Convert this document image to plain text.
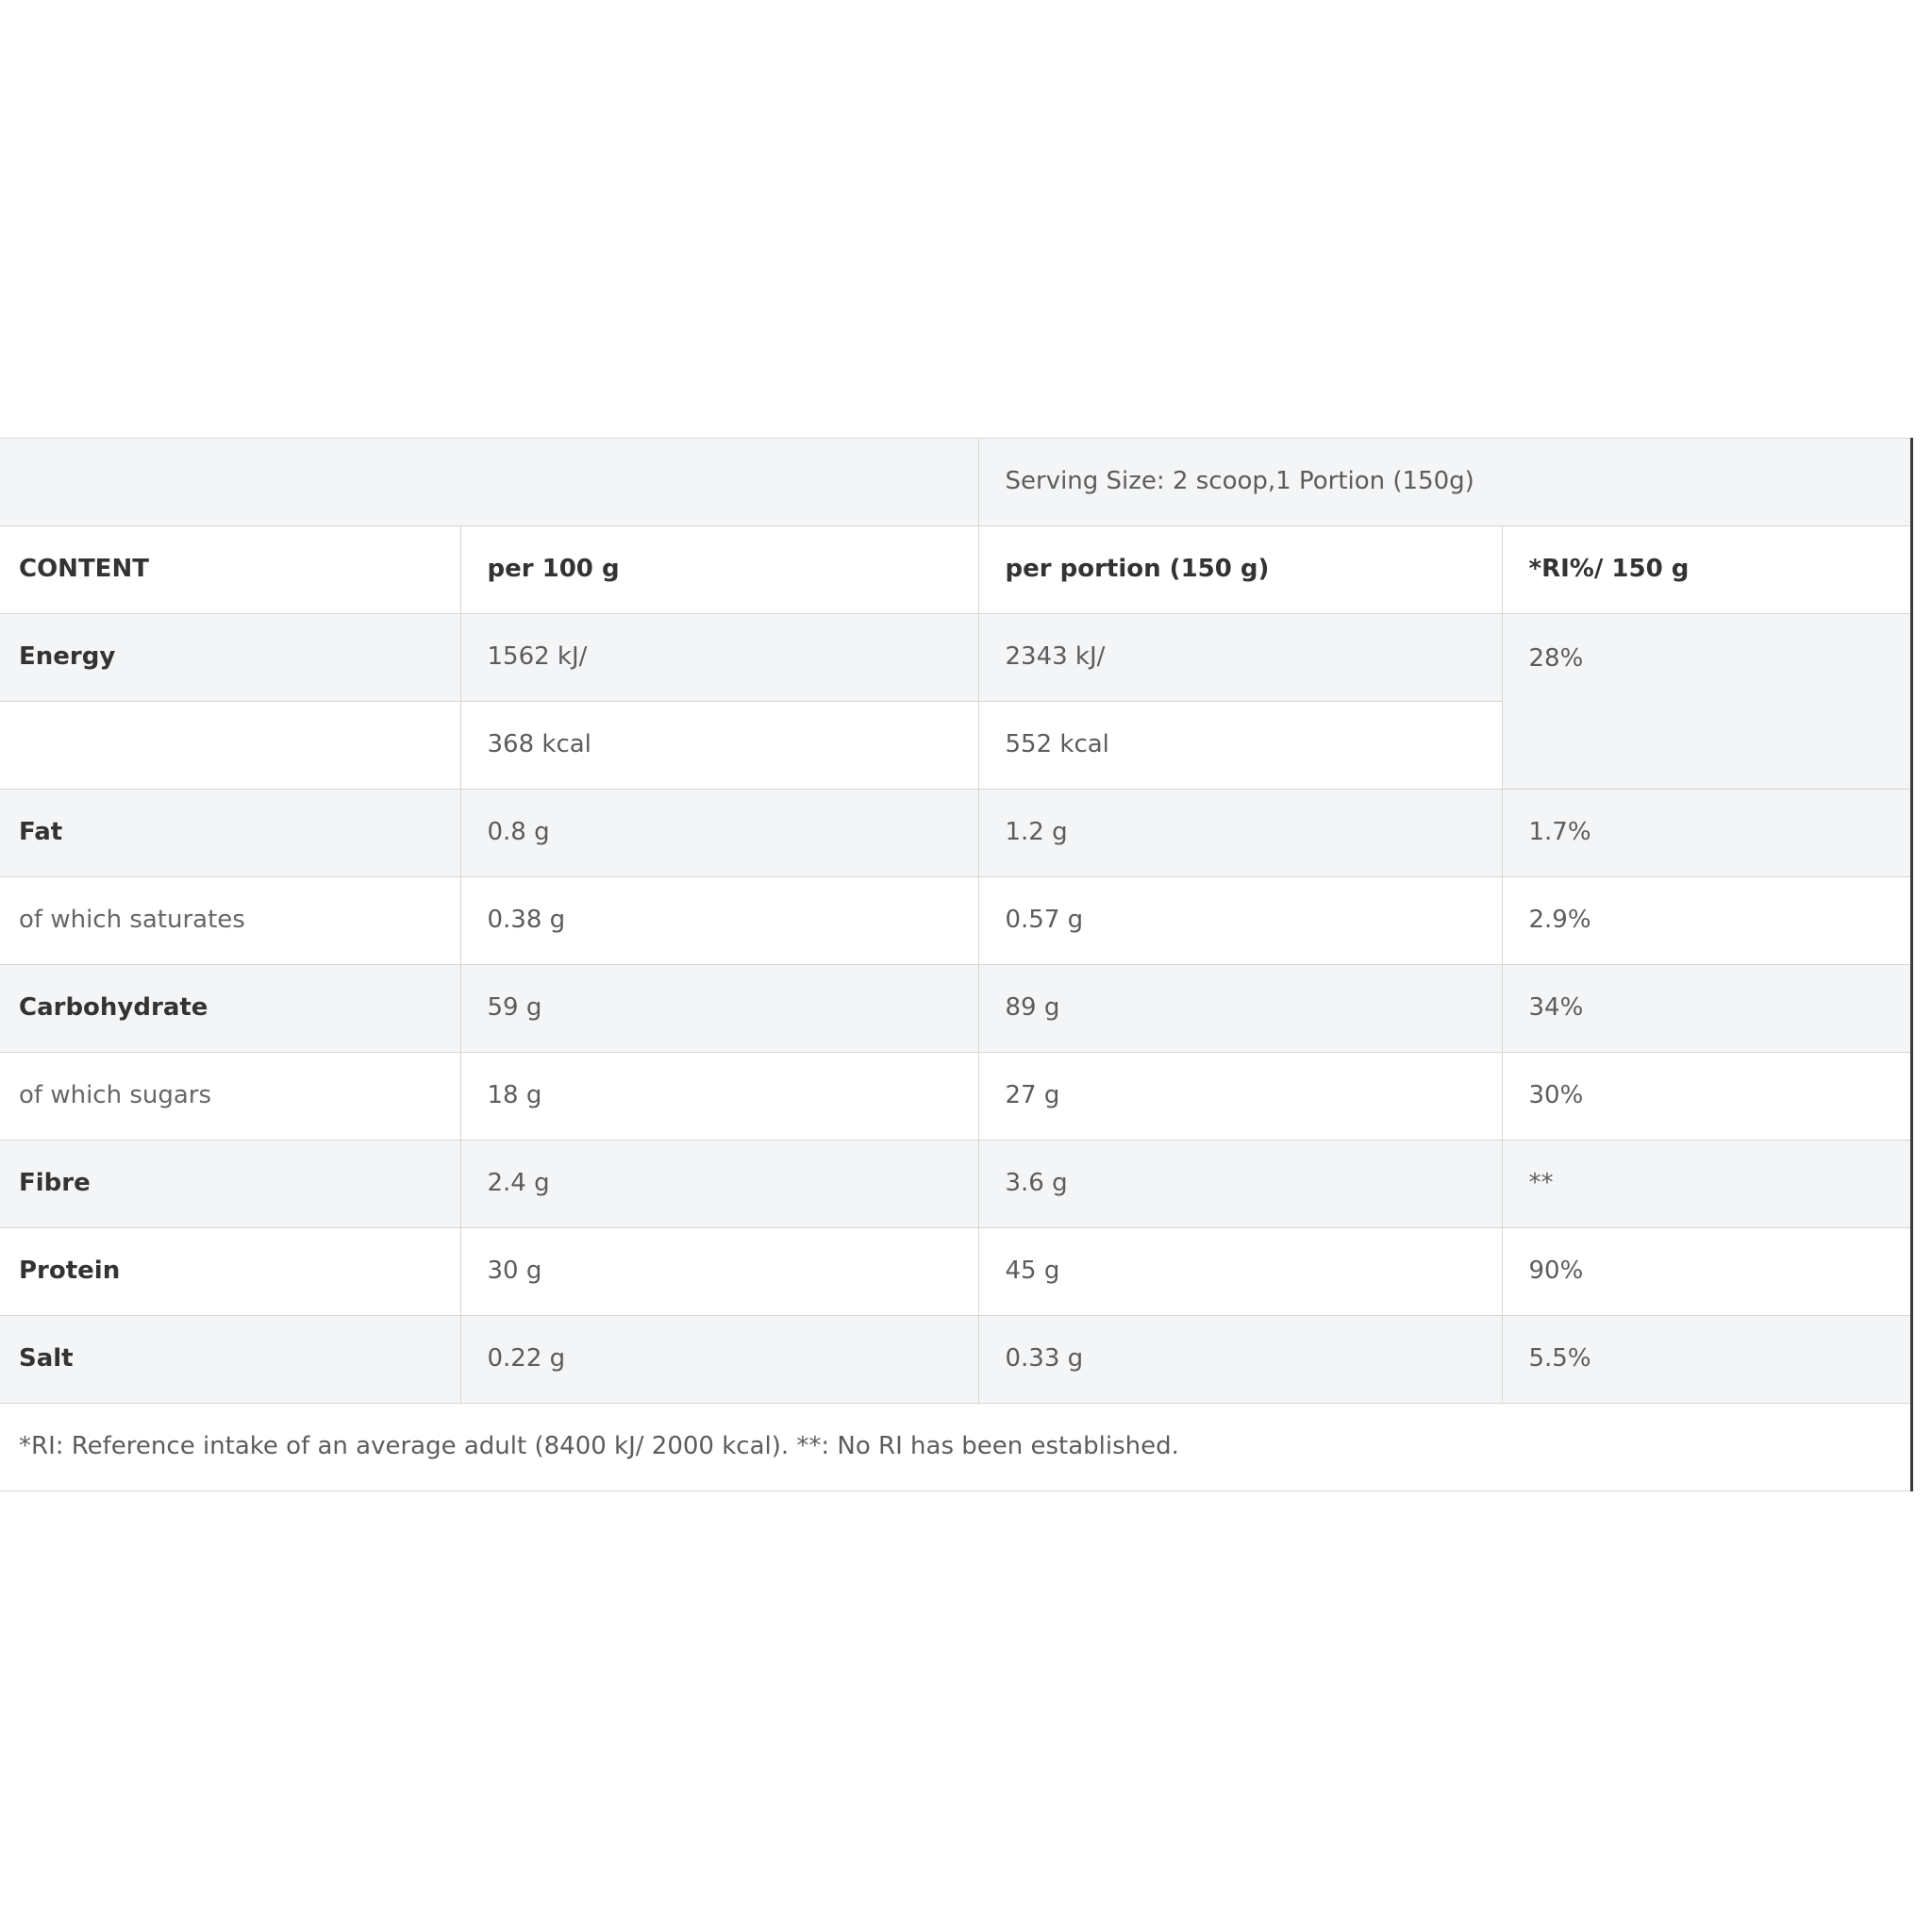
		Serving Size: 2 scoop,1 Portion (150g)	
CONTENT	per 100 g	per portion (150 g)	*RI%/ 150 g
Energy	1562 kJ/	2343 kJ/	28%
	368 kcal	552 kcal	
Fat	0.8 g	1.2 g	1.7%
of which saturates	0.38 g	0.57 g	2.9%
Carbohydrate	59 g	89 g	34%
of which sugars	18 g	27 g	30%
Fibre	2.4 g	3.6 g	**
Protein	30 g	45 g	90%
Salt	0.22 g	0.33 g	5.5%
*RI: Reference intake of an average adult (8400 kJ/ 2000 kcal). **: No RI has been established.			
